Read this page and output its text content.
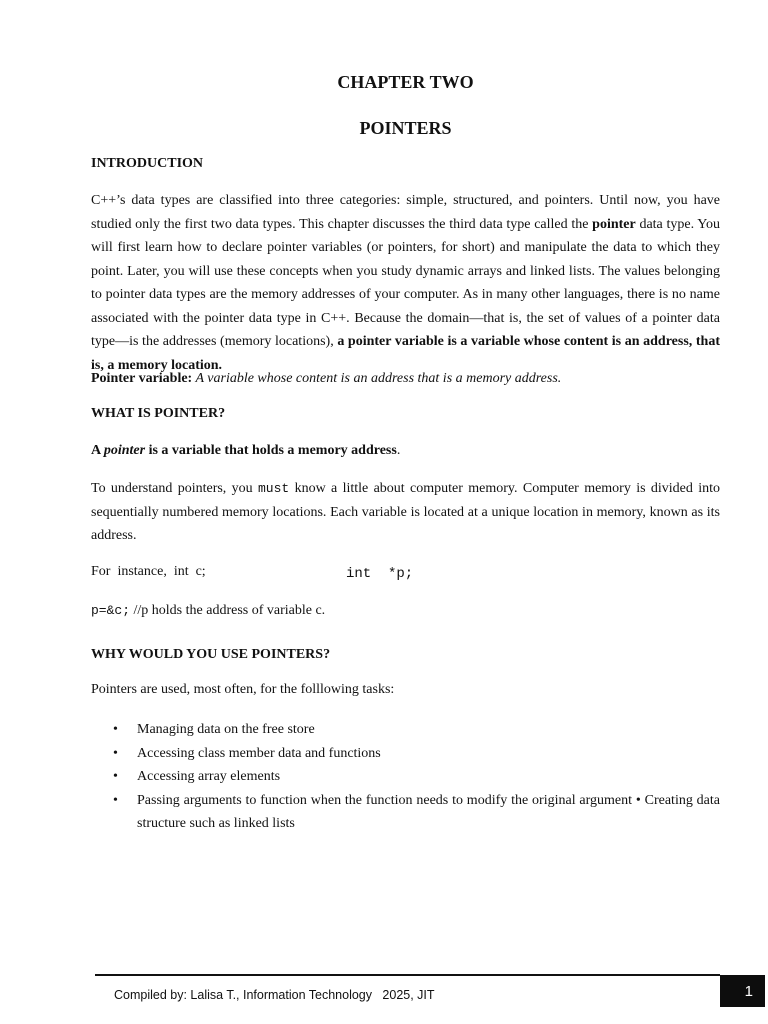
CHAPTER TWO
POINTERS
INTRODUCTION

C++’s data types are classified into three categories: simple, structured, and pointers. Until now, you have studied only the first two data types. This chapter discusses the third data type called the pointer data type. You will first learn how to declare pointer variables (or pointers, for short) and manipulate the data to which they point. Later, you will use these concepts when you study dynamic arrays and linked lists. The values belonging to pointer data types are the memory addresses of your computer. As in many other languages, there is no name associated with the pointer data type in C++. Because the domain—that is, the set of values of a pointer data type—is the addresses (memory locations), a pointer variable is a variable whose content is an address, that is, a memory location.

Pointer variable: A variable whose content is an address that is a memory address.

WHAT IS POINTER?

A pointer is a variable that holds a memory address.

To understand pointers, you must know a little about computer memory. Computer memory is divided into sequentially numbered memory locations. Each variable is located at a unique location in memory, known as its address.

For  instance,  int  c;	int  *p;

p=&c; //p holds the address of variable c.

WHY WOULD YOU USE POINTERS?

Pointers are used, most often, for the folllowing tasks:

• Managing data on the free store
• Accessing class member data and functions
• Accessing array elements
• Passing arguments to function when the function needs to modify the original argument • Creating data structure such as linked lists
Compiled by: Lalisa T., Information Technology   2025, JIT	1
